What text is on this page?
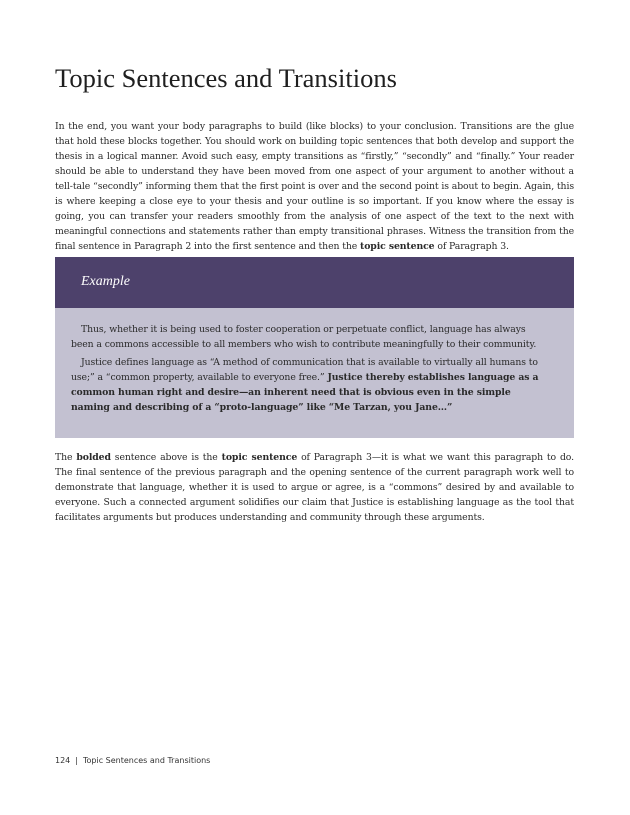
Topic Sentences and Transitions

In the end, you want your body paragraphs to build (like blocks) to your conclusion. Transitions are the glue that hold these blocks together. You should work on building topic sentences that both develop and support the thesis in a logical manner. Avoid such easy, empty transitions as “firstly,” “secondly” and “finally.” Your reader should be able to understand they have been moved from one aspect of your argument to another without a tell-tale “secondly” informing them that the first point is over and the second point is about to begin. Again, this is where keeping a close eye to your thesis and your outline is so important. If you know where the essay is going, you can transfer your readers smoothly from the analysis of one aspect of the text to the next with meaningful connections and statements rather than empty transitional phrases. Witness the transition from the final sentence in Paragraph 2 into the first sentence and then the topic sentence of Paragraph 3.

Example

Thus, whether it is being used to foster cooperation or perpetuate conflict, language has always been a commons accessible to all members who wish to contribute meaningfully to their community.

Justice defines language as “A method of communication that is available to virtually all humans to use;” a “common property, available to everyone free.” Justice thereby establishes language as a common human right and desire—an inherent need that is obvious even in the simple naming and describing of a “proto-language” like “Me Tarzan, you Jane…”

The bolded sentence above is the topic sentence of Paragraph 3—it is what we want this paragraph to do. The final sentence of the previous paragraph and the opening sentence of the current paragraph work well to demonstrate that language, whether it is used to argue or agree, is a “commons” desired by and available to everyone. Such a connected argument solidifies our claim that Justice is establishing language as the tool that facilitates arguments but produces understanding and community through these arguments.

124 | Topic Sentences and Transitions
